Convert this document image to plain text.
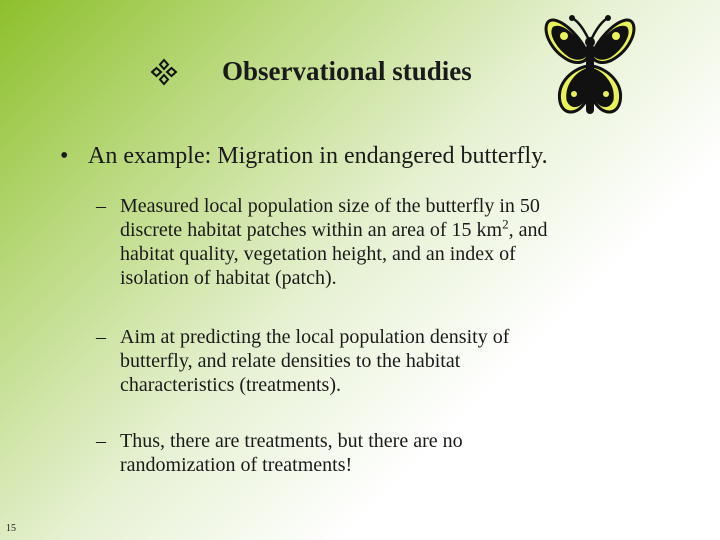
Observational studies
• An example: Migration in endangered butterfly.
– Measured local population size of the butterfly in 50
discrete habitat patches within an area of 15 $km^2$, and
habitat quality, vegetation height, and an index of
isolation of habitat (patch).
– Aim at predicting the local population density of
butterfly, and relate densities to the habitat
characteristics (treatments).
– Thus, there are treatments, but there are no
randomization of treatments!
15
